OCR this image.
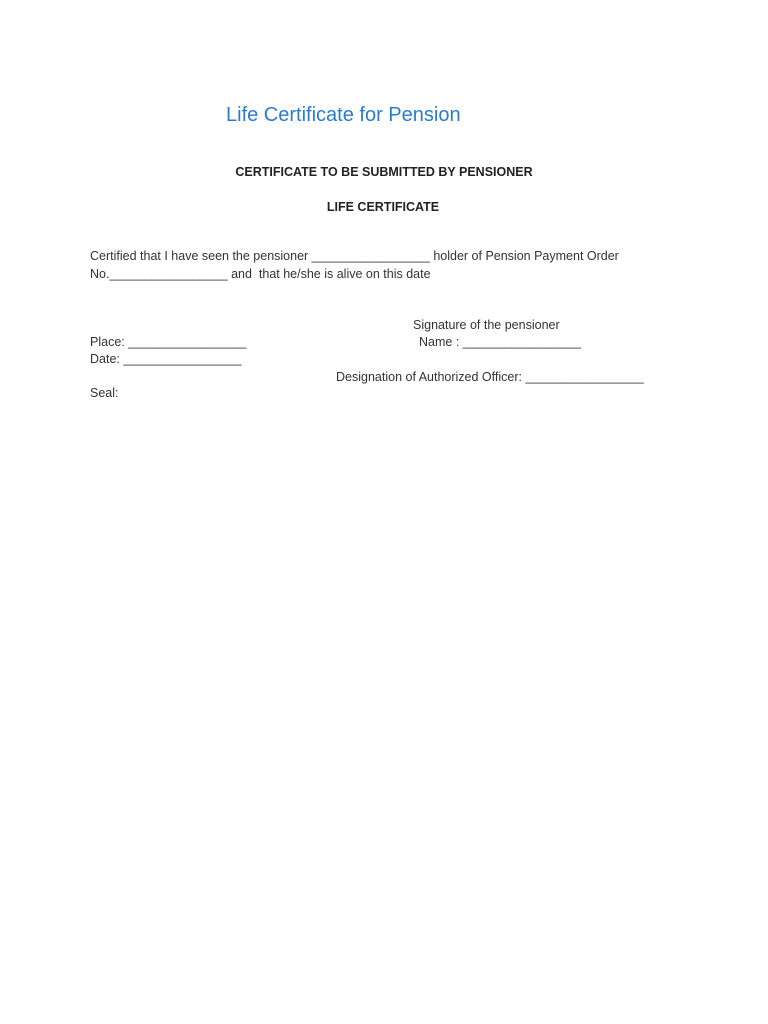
Life Certificate for Pension
CERTIFICATE TO BE SUBMITTED BY PENSIONER
LIFE CERTIFICATE
Certified that I have seen the pensioner _________________ holder of Pension Payment Order
No._________________ and  that he/she is alive on this date
Signature of the pensioner
Place: _________________	Name : _________________
Date: _________________
Designation of Authorized Officer: _________________
Seal:
